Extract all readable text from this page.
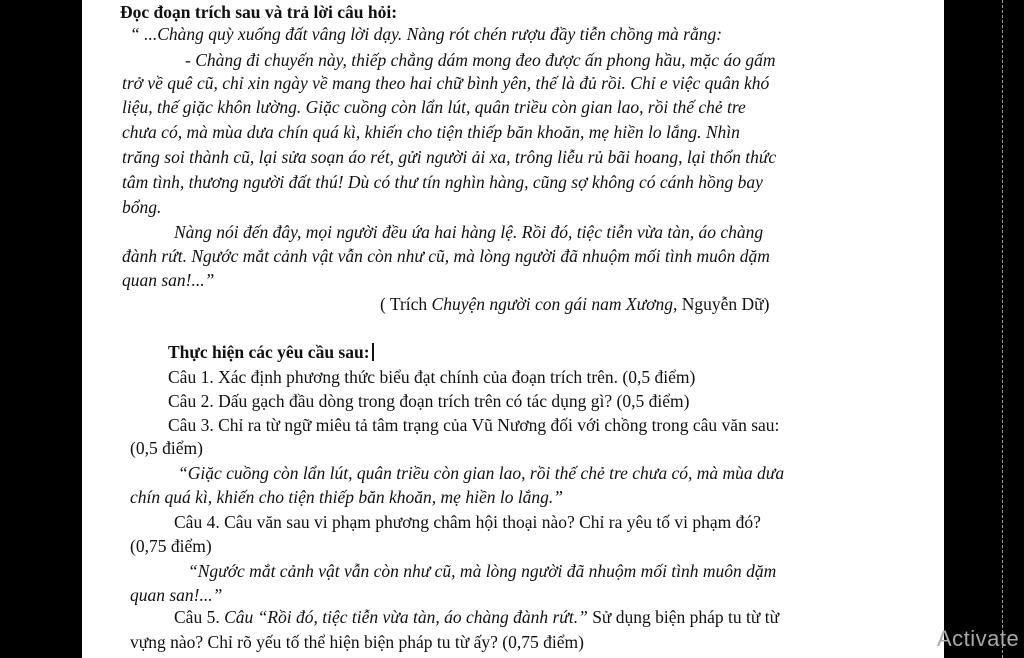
Đọc đoạn trích sau và trả lời câu hỏi:

“ ...Chàng quỳ xuống đất vâng lời dạy. Nàng rót chén rượu đầy tiễn chồng mà rằng:

- Chàng đi chuyến này, thiếp chẳng dám mong đeo được ấn phong hầu, mặc áo gấm

trở về quê cũ, chỉ xin ngày về mang theo hai chữ bình yên, thế là đủ rồi. Chỉ e việc quân khó

liệu, thế giặc khôn lường. Giặc cuồng còn lẩn lút, quân triều còn gian lao, rồi thế chẻ tre

chưa có, mà mùa dưa chín quá kì, khiến cho tiện thiếp băn khoăn, mẹ hiền lo lắng. Nhìn

trăng soi thành cũ, lại sửa soạn áo rét, gửi người ải xa, trông liễu rủ bãi hoang, lại thổn thức

tâm tình, thương người đất thú! Dù có thư tín nghìn hàng, cũng sợ không có cánh hồng bay

bổng.

Nàng nói đến đây, mọi người đều ứa hai hàng lệ. Rồi đó, tiệc tiễn vừa tàn, áo chàng

đành rứt. Ngước mắt cảnh vật vẫn còn như cũ, mà lòng người đã nhuộm mối tình muôn dặm

quan san!...”

( Trích Chuyện người con gái nam Xương, Nguyễn Dữ)

Thực hiện các yêu cầu sau:

Câu 1. Xác định phương thức biểu đạt chính của đoạn trích trên. (0,5 điểm)

Câu 2. Dấu gạch đầu dòng trong đoạn trích trên có tác dụng gì? (0,5 điểm)

Câu 3. Chỉ ra từ ngữ miêu tả tâm trạng của Vũ Nương đối với chồng trong câu văn sau:

(0,5 điểm)

“Giặc cuồng còn lẩn lút, quân triều còn gian lao, rồi thế chẻ tre chưa có, mà mùa dưa

chín quá kì, khiến cho tiện thiếp băn khoăn, mẹ hiền lo lắng.”

Câu 4. Câu văn sau vi phạm phương châm hội thoại nào? Chỉ ra yêu tố vi phạm đó?

(0,75 điểm)

“Ngước mắt cảnh vật vẫn còn như cũ, mà lòng người đã nhuộm mối tình muôn dặm

quan san!...”

Câu 5. Câu “Rồi đó, tiệc tiễn vừa tàn, áo chàng đành rứt.” Sử dụng biện pháp tu từ từ

vựng nào? Chỉ rõ yếu tố thể hiện biện pháp tu từ ấy? (0,75 điểm)	Activate
